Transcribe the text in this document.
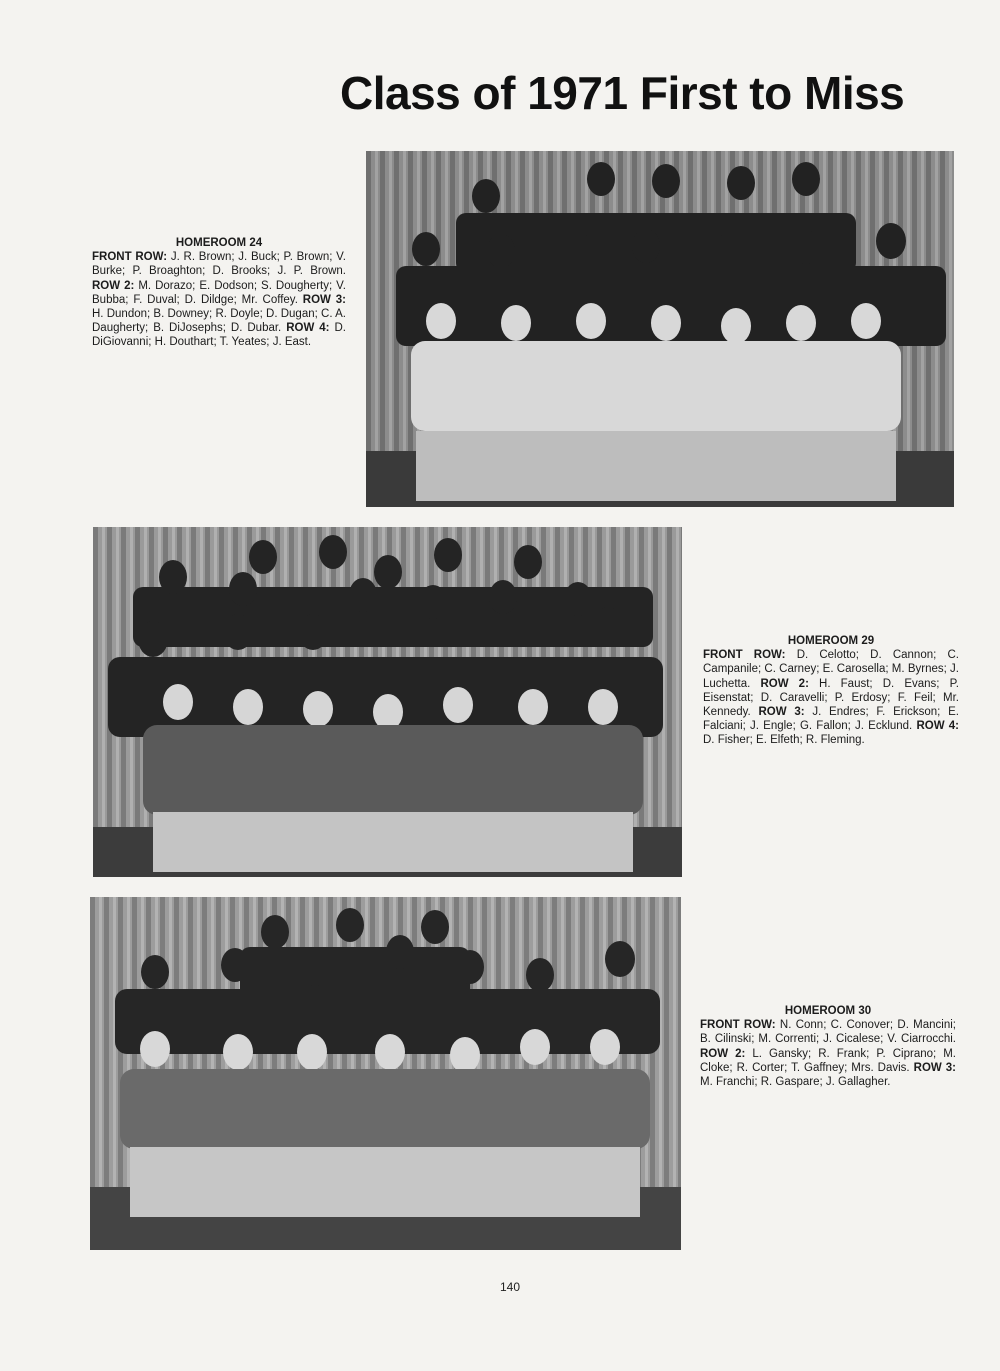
Class of 1971 First to Miss
HOMEROOM 24
FRONT ROW: J. R. Brown; J. Buck; P. Brown; V. Burke; P. Broaghton; D. Brooks; J. P. Brown. ROW 2: M. Dorazo; E. Dodson; S. Dougherty; V. Bubba; F. Duval; D. Dildge; Mr. Coffey. ROW 3: H. Dundon; B. Downey; R. Doyle; D. Dugan; C. A. Daugherty; B. DiJosephs; D. Dubar. ROW 4: D. DiGiovanni; H. Douthart; T. Yeates; J. East.
HOMEROOM 29
FRONT ROW: D. Celotto; D. Cannon; C. Campanile; C. Carney; E. Carosella; M. Byrnes; J. Luchetta. ROW 2: H. Faust; D. Evans; P. Eisenstat; D. Caravelli; P. Erdosy; F. Feil; Mr. Kennedy. ROW 3: J. Endres; F. Erickson; E. Falciani; J. Engle; G. Fallon; J. Ecklund. ROW 4: D. Fisher; E. Elfeth; R. Fleming.
HOMEROOM 30
FRONT ROW: N. Conn; C. Conover; D. Mancini; B. Cilinski; M. Correnti; J. Cicalese; V. Ciarrocchi. ROW 2: L. Gansky; R. Frank; P. Ciprano; M. Cloke; R. Corter; T. Gaffney; Mrs. Davis. ROW 3: M. Franchi; R. Gaspare; J. Gallagher.
140
